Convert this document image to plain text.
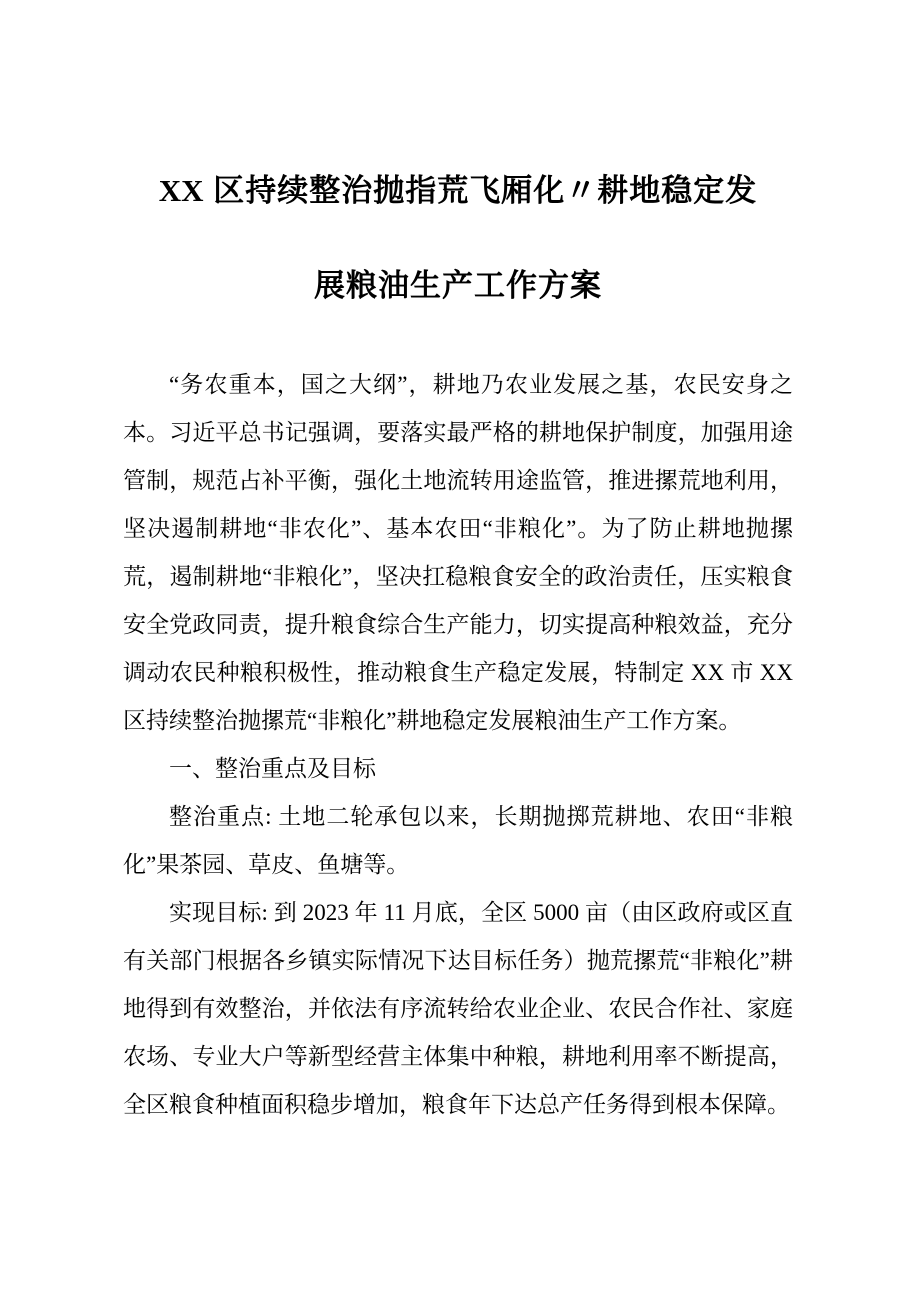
XX 区持续整治抛指荒飞厢化〃耕地稳定发
展粮油生产工作方案

“务农重本，国之大纲”，耕地乃农业发展之基，农民安身之本。习近平总书记强调，要落实最严格的耕地保护制度，加强用途管制，规范占补平衡，强化土地流转用途监管，推进摞荒地利用，坚决遏制耕地“非农化”、基本农田“非粮化”。为了防止耕地抛摞荒，遏制耕地“非粮化”，坚决扛稳粮食安全的政治责任，压实粮食安全党政同责，提升粮食综合生产能力，切实提高种粮效益，充分调动农民种粮积极性，推动粮食生产稳定发展，特制定 XX 市 XX 区持续整治抛摞荒“非粮化”耕地稳定发展粮油生产工作方案。

一、整治重点及目标

整治重点: 土地二轮承包以来，长期抛掷荒耕地、农田“非粮化”果茶园、草皮、鱼塘等。

实现目标: 到 2023 年 11 月底，全区 5000 亩（由区政府或区直有关部门根据各乡镇实际情况下达目标任务）抛荒摞荒“非粮化”耕地得到有效整治，并依法有序流转给农业企业、农民合作社、家庭农场、专业大户等新型经营主体集中种粮，耕地利用率不断提高，全区粮食种植面积稳步增加，粮食年下达总产任务得到根本保障。
